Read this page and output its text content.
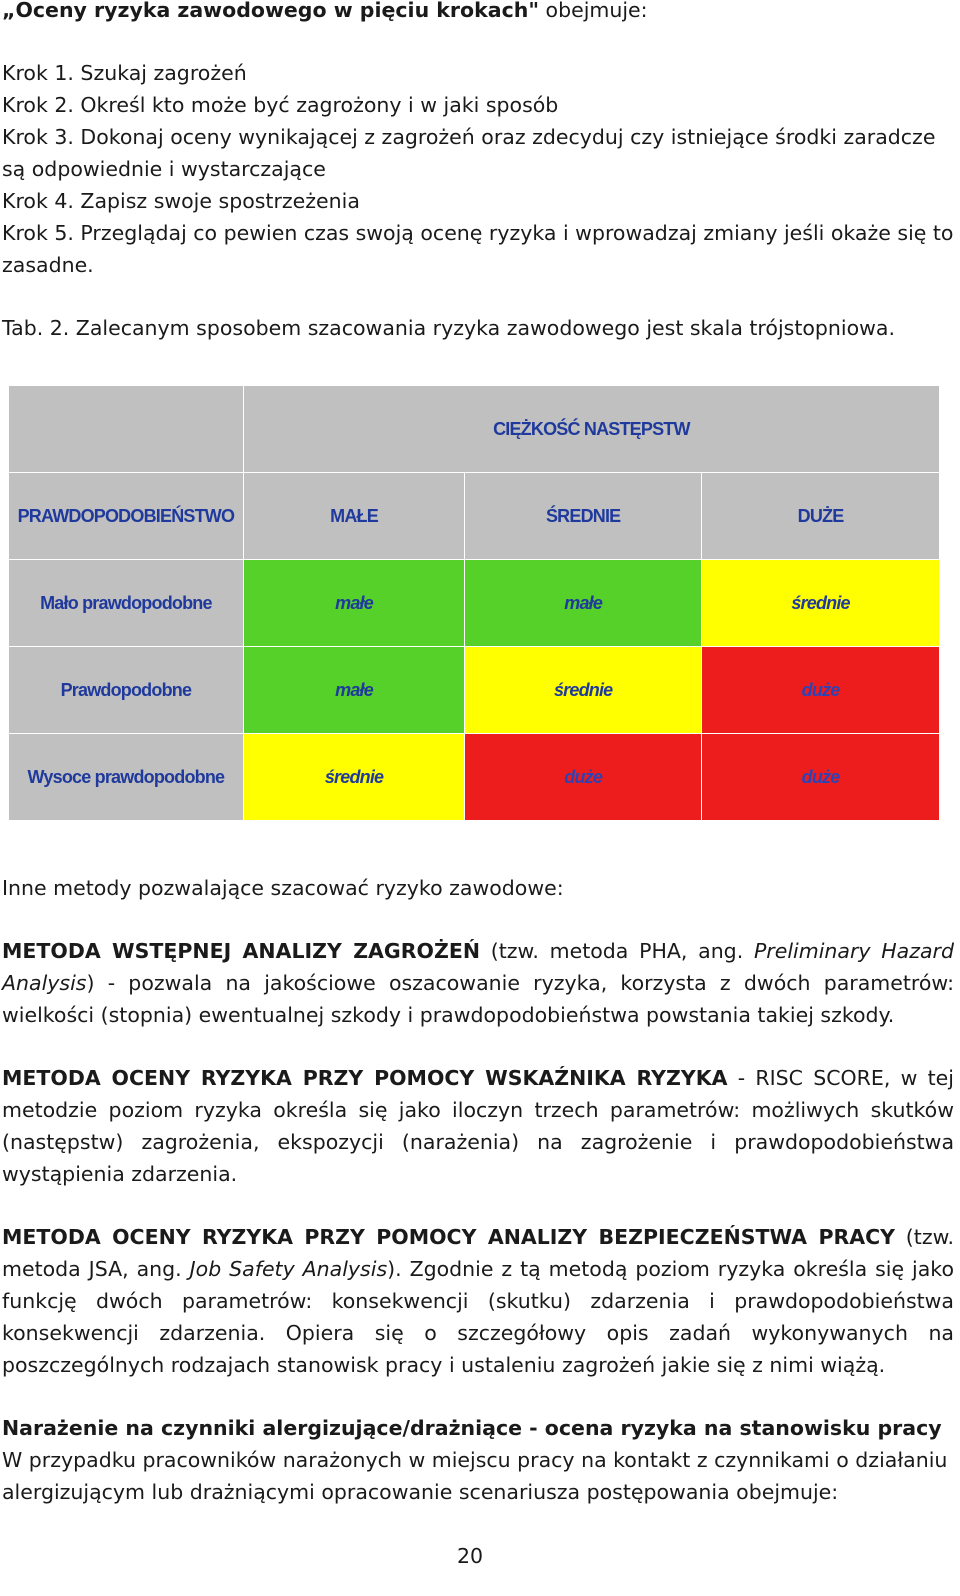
„Oceny ryzyka zawodowego w pięciu krokach" obejmuje:
Krok 1. Szukaj zagrożeń
Krok 2. Określ kto może być zagrożony i w jaki sposób
Krok 3. Dokonaj oceny wynikającej z zagrożeń oraz zdecyduj czy istniejące środki zaradcze są odpowiednie i wystarczające
Krok 4. Zapisz swoje spostrzeżenia
Krok 5. Przeglądaj co pewien czas swoją ocenę ryzyka i wprowadzaj zmiany jeśli okaże się to zasadne.
Tab. 2. Zalecanym sposobem szacowania ryzyka zawodowego jest skala trójstopniowa.
	CIĘŻKOŚĆ NASTĘPSTW		
PRAWDOPODOBIEŃSTWO	MAŁE	ŚREDNIE	DUŻE
Mało prawdopodobne	małe	małe	średnie
Prawdopodobne	małe	średnie	duże
Wysoce prawdopodobne	średnie	duże	duże
Inne metody pozwalające szacować ryzyko zawodowe:
METODA WSTĘPNEJ ANALIZY ZAGROŻEŃ (tzw. metoda PHA, ang. Preliminary Hazard Analysis) - pozwala na jakościowe oszacowanie ryzyka, korzysta z dwóch parametrów: wielkości (stopnia) ewentualnej szkody i prawdopodobieństwa powstania takiej szkody.
METODA OCENY RYZYKA PRZY POMOCY WSKAŹNIKA RYZYKA - RISC SCORE, w tej metodzie poziom ryzyka określa się jako iloczyn trzech parametrów: możliwych skutków (następstw) zagrożenia, ekspozycji (narażenia) na zagrożenie i prawdopodobieństwa wystąpienia zdarzenia.
METODA OCENY RYZYKA PRZY POMOCY ANALIZY BEZPIECZEŃSTWA PRACY (tzw. metoda JSA, ang. Job Safety Analysis). Zgodnie z tą metodą poziom ryzyka określa się jako funkcję dwóch parametrów: konsekwencji (skutku) zdarzenia i prawdopodobieństwa konsekwencji zdarzenia. Opiera się o szczegółowy opis zadań wykonywanych na poszczególnych rodzajach stanowisk pracy i ustaleniu zagrożeń jakie się z nimi wiążą.
Narażenie na czynniki alergizujące/drażniące - ocena ryzyka na stanowisku pracy
W przypadku pracowników narażonych w miejscu pracy na kontakt z czynnikami o działaniu alergizującym lub drażniącymi opracowanie scenariusza postępowania obejmuje:
20
